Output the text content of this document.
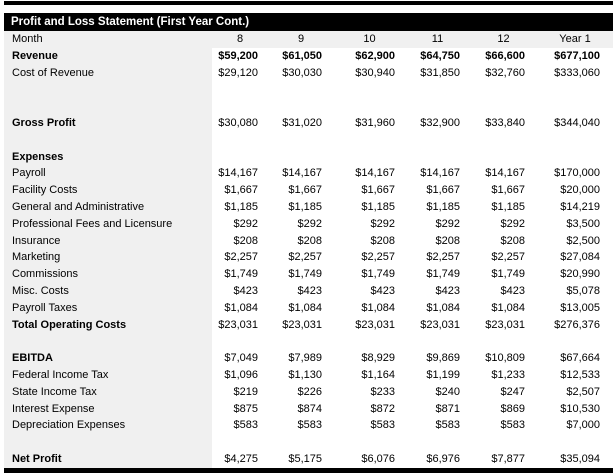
Profit and Loss Statement (First Year Cont.)
Month	8	9	10	11	12	Year 1
Revenue	$59,200	$61,050	$62,900	$64,750	$66,600	$677,100
Cost of Revenue	$29,120	$30,030	$30,940	$31,850	$32,760	$333,060
Gross Profit	$30,080	$31,020	$31,960	$32,900	$33,840	$344,040
Expenses
Payroll	$14,167	$14,167	$14,167	$14,167	$14,167	$170,000
Facility Costs	$1,667	$1,667	$1,667	$1,667	$1,667	$20,000
General and Administrative	$1,185	$1,185	$1,185	$1,185	$1,185	$14,219
Professional Fees and Licensure	$292	$292	$292	$292	$292	$3,500
Insurance	$208	$208	$208	$208	$208	$2,500
Marketing	$2,257	$2,257	$2,257	$2,257	$2,257	$27,084
Commissions	$1,749	$1,749	$1,749	$1,749	$1,749	$20,990
Misc. Costs	$423	$423	$423	$423	$423	$5,078
Payroll Taxes	$1,084	$1,084	$1,084	$1,084	$1,084	$13,005
Total Operating Costs	$23,031	$23,031	$23,031	$23,031	$23,031	$276,376
EBITDA	$7,049	$7,989	$8,929	$9,869	$10,809	$67,664
Federal Income Tax	$1,096	$1,130	$1,164	$1,199	$1,233	$12,533
State Income Tax	$219	$226	$233	$240	$247	$2,507
Interest Expense	$875	$874	$872	$871	$869	$10,530
Depreciation Expenses	$583	$583	$583	$583	$583	$7,000
Net Profit	$4,275	$5,175	$6,076	$6,976	$7,877	$35,094
